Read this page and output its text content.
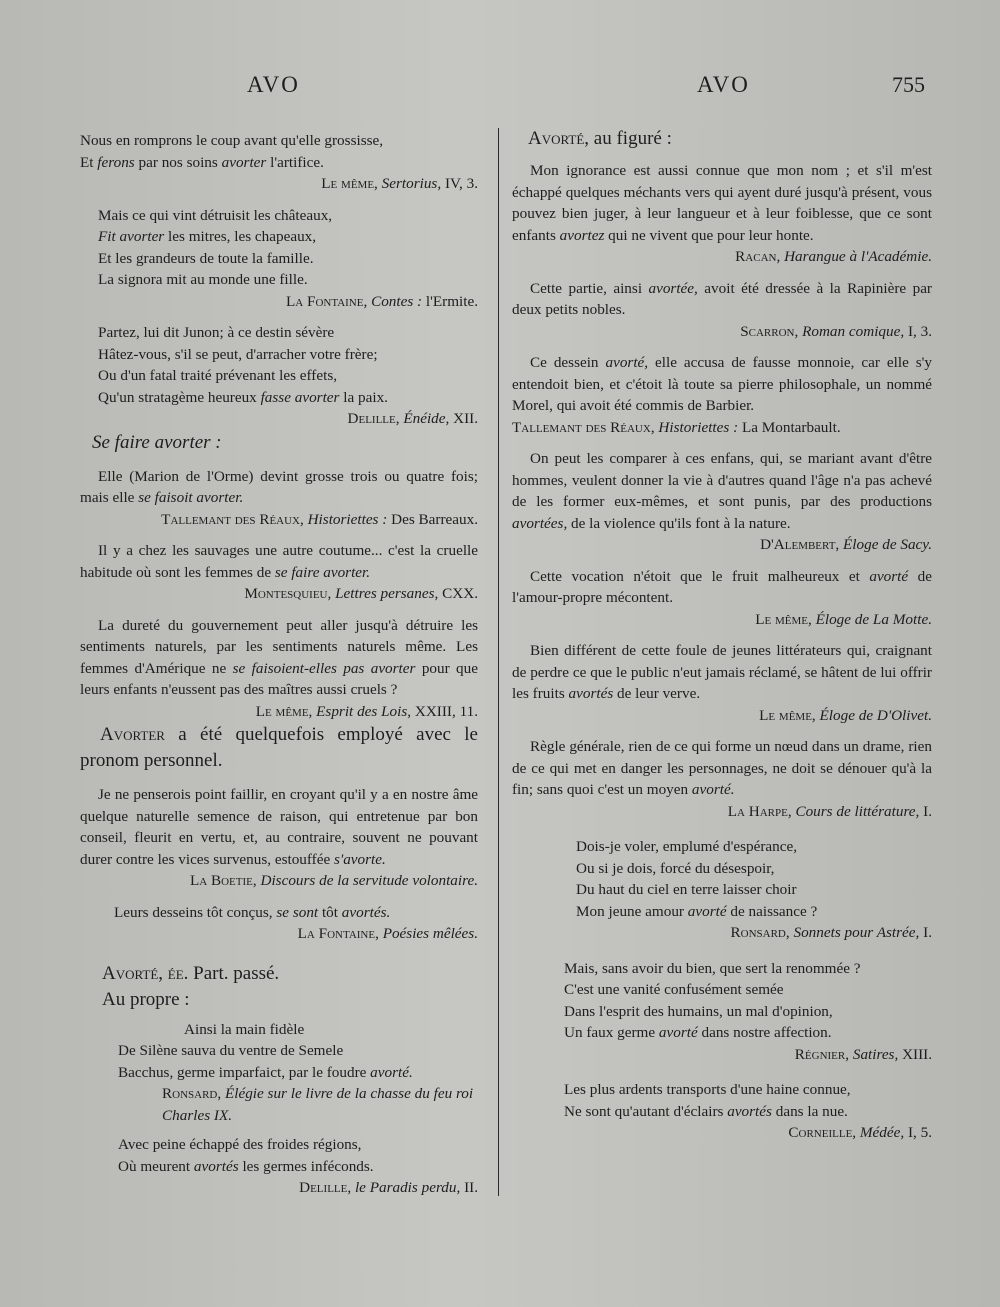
AVO	AVO	755

Nous en romprons le coup avant qu'elle grossisse,

Et ferons par nos soins avorter l'artifice.

Le même, Sertorius, IV, 3.

Mais ce qui vint détruisit les châteaux,

Fit avorter les mitres, les chapeaux,

Et les grandeurs de toute la famille.

La signora mit au monde une fille.

La Fontaine, Contes : l'Ermite.

Partez, lui dit Junon; à ce destin sévère

Hâtez-vous, s'il se peut, d'arracher votre frère;

Ou d'un fatal traité prévenant les effets,

Qu'un stratagème heureux fasse avorter la paix.

Delille, Énéide, XII.

Se faire avorter :

Elle (Marion de l'Orme) devint grosse trois ou quatre fois; mais elle se faisoit avorter.

Tallemant des Réaux, Historiettes : Des Barreaux.

Il y a chez les sauvages une autre coutume... c'est la cruelle habitude où sont les femmes de se faire avorter.

Montesquieu, Lettres persanes, CXX.

La dureté du gouvernement peut aller jusqu'à détruire les sentiments naturels, par les sentiments naturels même. Les femmes d'Amérique ne se faisoient-elles pas avorter pour que leurs enfants n'eussent pas des maîtres aussi cruels ?

Le même, Esprit des Lois, XXIII, 11.

Avorter a été quelquefois employé avec le pronom personnel.

Je ne penserois point faillir, en croyant qu'il y a en nostre âme quelque naturelle semence de raison, qui entretenue par bon conseil, fleurit en vertu, et, au contraire, souvent ne pouvant durer contre les vices survenus, estouffée s'avorte.

La Boetie, Discours de la servitude volontaire.

Leurs desseins tôt conçus, se sont tôt avortés.

La Fontaine, Poésies mêlées.

Avorté, ée. Part. passé.

Au propre :

Ainsi la main fidèle

De Silène sauva du ventre de Semele

Bacchus, germe imparfaict, par le foudre avorté.

Ronsard, Élégie sur le livre de la chasse du feu roi Charles IX.

Avec peine échappé des froides régions,

Où meurent avortés les germes inféconds.

Delille, le Paradis perdu, II.

Avorté, au figuré :

Mon ignorance est aussi connue que mon nom ; et s'il m'est échappé quelques méchants vers qui ayent duré jusqu'à présent, vous pouvez bien juger, à leur langueur et à leur foiblesse, que ce sont enfants avortez qui ne vivent que pour leur honte.

Racan, Harangue à l'Académie.

Cette partie, ainsi avortée, avoit été dressée à la Rapinière par deux petits nobles.

Scarron, Roman comique, I, 3.

Ce dessein avorté, elle accusa de fausse monnoie, car elle s'y entendoit bien, et c'étoit là toute sa pierre philosophale, un nommé Morel, qui avoit été commis de Barbier.

Tallemant des Réaux, Historiettes : La Montarbault.

On peut les comparer à ces enfans, qui, se mariant avant d'être hommes, veulent donner la vie à d'autres quand l'âge n'a pas achevé de les former eux-mêmes, et sont punis, par des productions avortées, de la violence qu'ils font à la nature.

D'Alembert, Éloge de Sacy.

Cette vocation n'étoit que le fruit malheureux et avorté de l'amour-propre mécontent.

Le même, Éloge de La Motte.

Bien différent de cette foule de jeunes littérateurs qui, craignant de perdre ce que le public n'eut jamais réclamé, se hâtent de lui offrir les fruits avortés de leur verve.

Le même, Éloge de D'Olivet.

Règle générale, rien de ce qui forme un nœud dans un drame, rien de ce qui met en danger les personnages, ne doit se dénouer qu'à la fin; sans quoi c'est un moyen avorté.

La Harpe, Cours de littérature, I.

Dois-je voler, emplumé d'espérance,

Ou si je dois, forcé du désespoir,

Du haut du ciel en terre laisser choir

Mon jeune amour avorté de naissance ?

Ronsard, Sonnets pour Astrée, I.

Mais, sans avoir du bien, que sert la renommée ?

C'est une vanité confusément semée

Dans l'esprit des humains, un mal d'opinion,

Un faux germe avorté dans nostre affection.

Régnier, Satires, XIII.

Les plus ardents transports d'une haine connue,

Ne sont qu'autant d'éclairs avortés dans la nue.

Corneille, Médée, I, 5.
